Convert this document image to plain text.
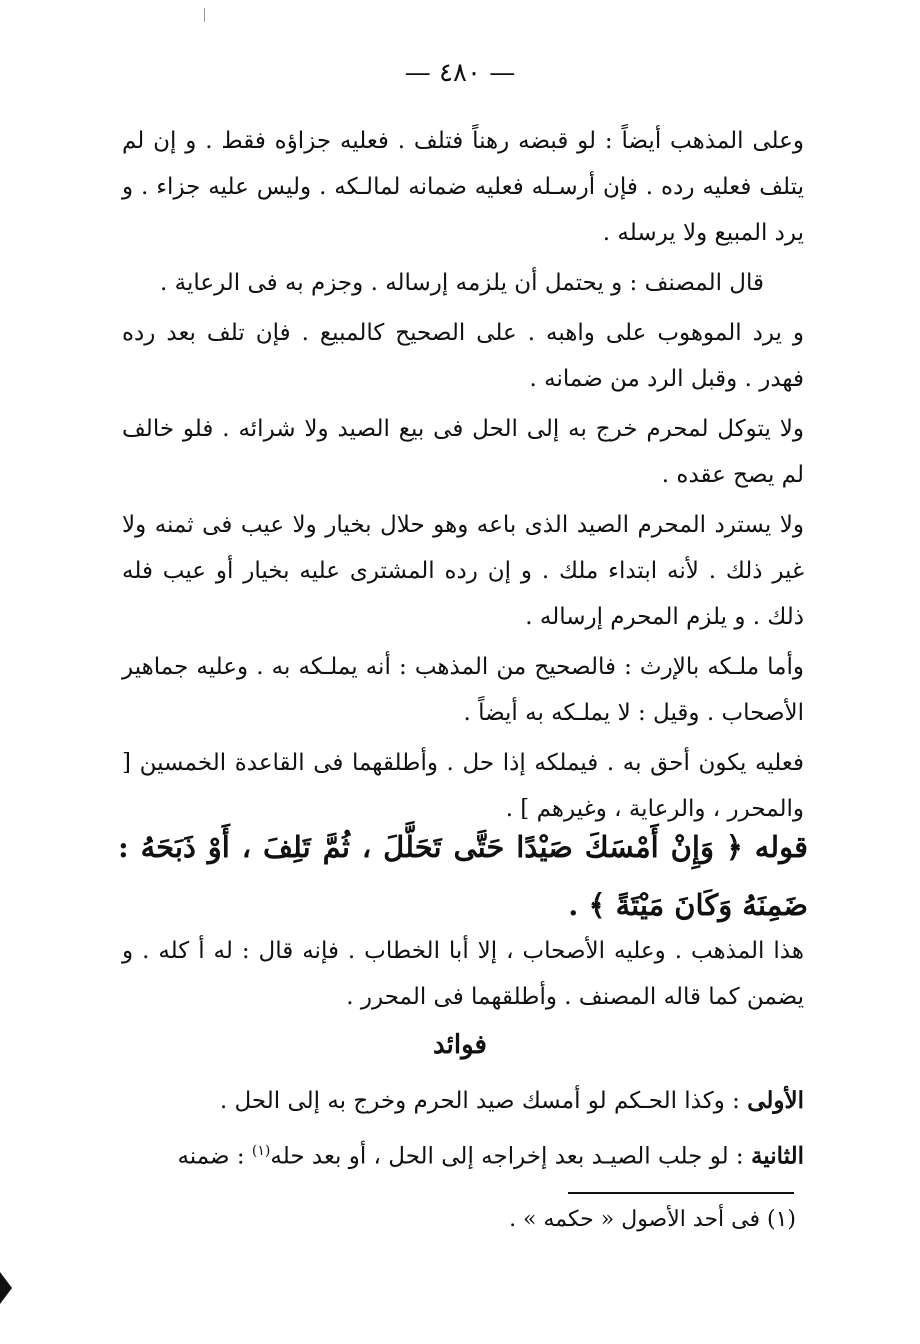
— ٤٨٠ —

وعلى المذهب أيضاً : لو قبضه رهناً فتلف . فعليه جزاؤه فقط . و إن لم يتلف فعليه رده . فإن أرسـله فعليه ضمانه لمالـكه . وليس عليه جزاء . و يرد المبيع ولا يرسله .

قال المصنف : و يحتمل أن يلزمه إرساله . وجزم به فى الرعاية .

و يرد الموهوب على واهبه . على الصحيح كالمبيع . فإن تلف بعد رده فهدر . وقبل الرد من ضمانه .

ولا يتوكل لمحرم خرج به إلى الحل فى بيع الصيد ولا شرائه . فلو خالف لم يصح عقده .

ولا يسترد المحرم الصيد الذى باعه وهو حلال بخيار ولا عيب فى ثمنه ولا غير ذلك . لأنه ابتداء ملك . و إن رده المشترى عليه بخيار أو عيب فله ذلك . و يلزم المحرم إرساله .

وأما ملـكه بالإرث : فالصحيح من المذهب : أنه يملـكه به . وعليه جماهير الأصحاب . وقيل : لا يملـكه به أيضاً .

فعليه يكون أحق به . فيملكه إذا حل . وأطلقهما فى القاعدة الخمسين [ والمحرر ، والرعاية ، وغيرهم ] .

قوله ﴿ وَإِنْ أَمْسَكَ صَيْدًا حَتَّى تَحَلَّلَ ، ثُمَّ تَلِفَ ، أَوْ ذَبَحَهُ : ضَمِنَهُ وَكَانَ مَيْتَةً ﴾ .

هذا المذهب . وعليه الأصحاب ، إلا أبا الخطاب . فإنه قال : له أ كله . و يضمن كما قاله المصنف . وأطلقهما فى المحرر .

فوائد

الأولى : وكذا الحـكم لو أمسك صيد الحرم وخرج به إلى الحل .

الثانية : لو جلب الصيـد بعد إخراجه إلى الحل ، أو بعد حله$^{(١)}$ : ضمنه

(١) فى أحد الأصول « حكمه » .
